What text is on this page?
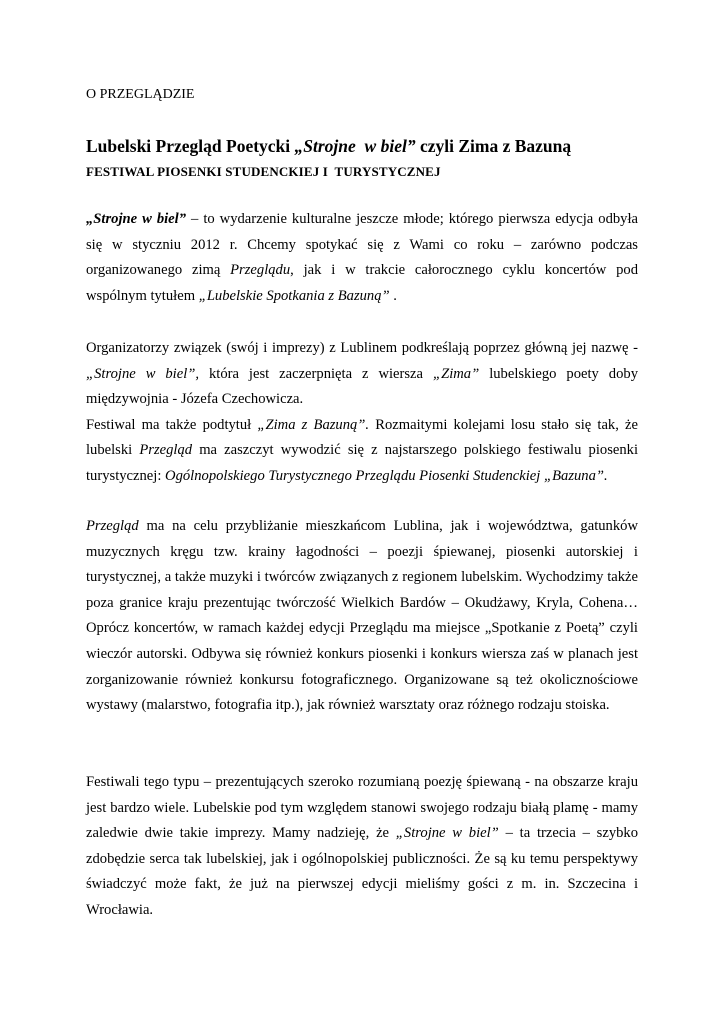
O PRZEGLĄDZIE

Lubelski Przegląd Poetycki „Strojne  w biel” czyli Zima z Bazuną

FESTIWAL PIOSENKI STUDENCKIEJ I  TURYSTYCZNEJ

„Strojne w biel” – to wydarzenie kulturalne jeszcze młode; którego pierwsza edycja odbyła się w styczniu 2012 r. Chcemy spotykać się z Wami co roku – zarówno podczas organizowanego zimą Przeglądu, jak i w trakcie całorocznego cyklu koncertów pod wspólnym tytułem „Lubelskie Spotkania z Bazuną” .

Organizatorzy związek (swój i imprezy) z Lublinem podkreślają poprzez główną jej nazwę - „Strojne w biel”, która jest zaczerpnięta z wiersza „Zima” lubelskiego poety doby międzywojnia - Józefa Czechowicza.
Festiwal ma także podtytuł „Zima z Bazuną”. Rozmaitymi kolejami losu stało się tak, że lubelski Przegląd ma zaszczyt wywodzić się z najstarszego polskiego festiwalu piosenki turystycznej: Ogólnopolskiego Turystycznego Przeglądu Piosenki Studenckiej „Bazuna”.

Przegląd ma na celu przybliżanie mieszkańcom Lublina, jak i województwa, gatunków muzycznych kręgu tzw. krainy łagodności – poezji śpiewanej, piosenki autorskiej i turystycznej, a także muzyki i twórców związanych z regionem lubelskim. Wychodzimy także poza granice kraju prezentując twórczość Wielkich Bardów – Okudżawy, Kryla, Cohena… Oprócz koncertów, w ramach każdej edycji Przeglądu ma miejsce „Spotkanie z Poetą” czyli wieczór autorski. Odbywa się również konkurs piosenki i konkurs wiersza zaś w planach jest zorganizowanie również konkursu fotograficznego. Organizowane są też okolicznościowe wystawy (malarstwo, fotografia itp.), jak również warsztaty oraz różnego rodzaju stoiska.

Festiwali tego typu – prezentujących szeroko rozumianą poezję śpiewaną - na obszarze kraju jest bardzo wiele. Lubelskie pod tym względem stanowi swojego rodzaju białą plamę - mamy zaledwie dwie takie imprezy. Mamy nadzieję, że „Strojne w biel” – ta trzecia – szybko zdobędzie serca tak lubelskiej, jak i ogólnopolskiej publiczności. Że są ku temu perspektywy świadczyć może fakt, że już na pierwszej edycji mieliśmy gości z m. in. Szczecina i Wrocławia.
